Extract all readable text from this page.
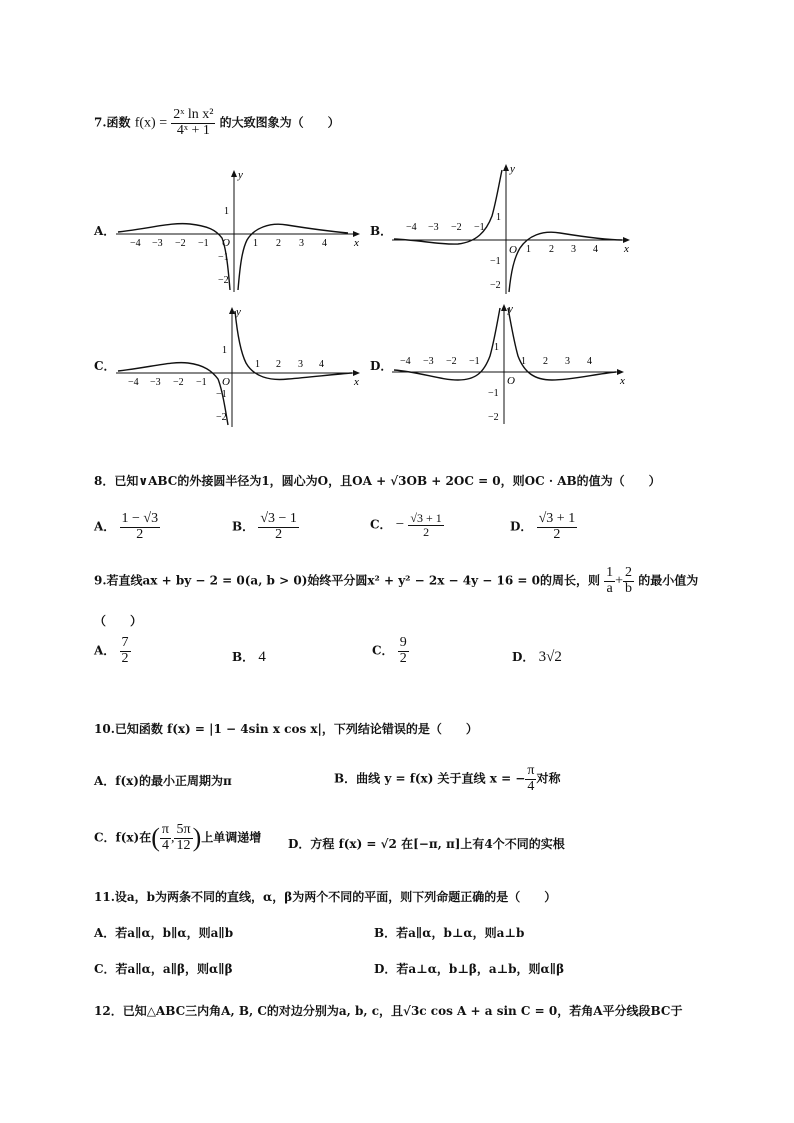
7.函数 $f(x) = \frac{\text{2ˣ ln x²}}{\text{4ˣ + 1}}$ 的大致图象为（　　）
A．	B．
C．	D．
y
x
O
−4 −3 −2 −1	1 2 3 4
1
−1
−2
y
x
O
−4 −3 −2 −1
1 2 3 4
1
−1
−2
y
x
O
−4 −3 −2 −1
1 2 3 4
1
−1
−2
y
x
O
−4 −3 −2 −1	1 2 3 4
1
−1
−2
8．已知∨ABC的外接圆半径为1，圆心为O，且OA + √3OB + 2OC = 0，则OC · AB的值为（　　）
A． $\frac{1 - √3}{2}$	B． $\frac{√3 - 1}{2}$	C． − $\frac{√3 + 1}{2}$	D． $\frac{√3 + 1}{2}$
9.若直线ax + by − 2 = 0(a, b > 0)始终平分圆x² + y² − 2x − 4y − 16 = 0的周长，则 $\frac{1}{a} + \frac{2}{b}$ 的最小值为
（　　）
A． $\frac{7}{2}$	B． 4	C． $\frac{9}{2}$	D． 3√2
10.已知函数 f(x) = |1 − 4sin x cos x|，下列结论错误的是（　　）
A．f(x)的最小正周期为π	B．曲线 y = f(x) 关于直线 x = − $\frac{\pi}{4}$ 对称
C．f(x)在( $\frac{\pi}{4}$ , $\frac{5\pi}{12}$ )上单调递增 D．方程 f(x) = √2 在[−π, π]上有4个不同的实根
11.设a，b为两条不同的直线，α，β为两个不同的平面，则下列命题正确的是（　　）
A．若a∥α，b∥α，则a∥b	B．若a∥α，b⊥α，则a⊥b
C．若a∥α，a∥β，则α∥β	D．若a⊥α，b⊥β，a⊥b，则α∥β
12．已知△ABC三内角A, B, C的对边分别为a, b, c，且√3c cos A + a sin C = 0，若角A平分线段BC于
